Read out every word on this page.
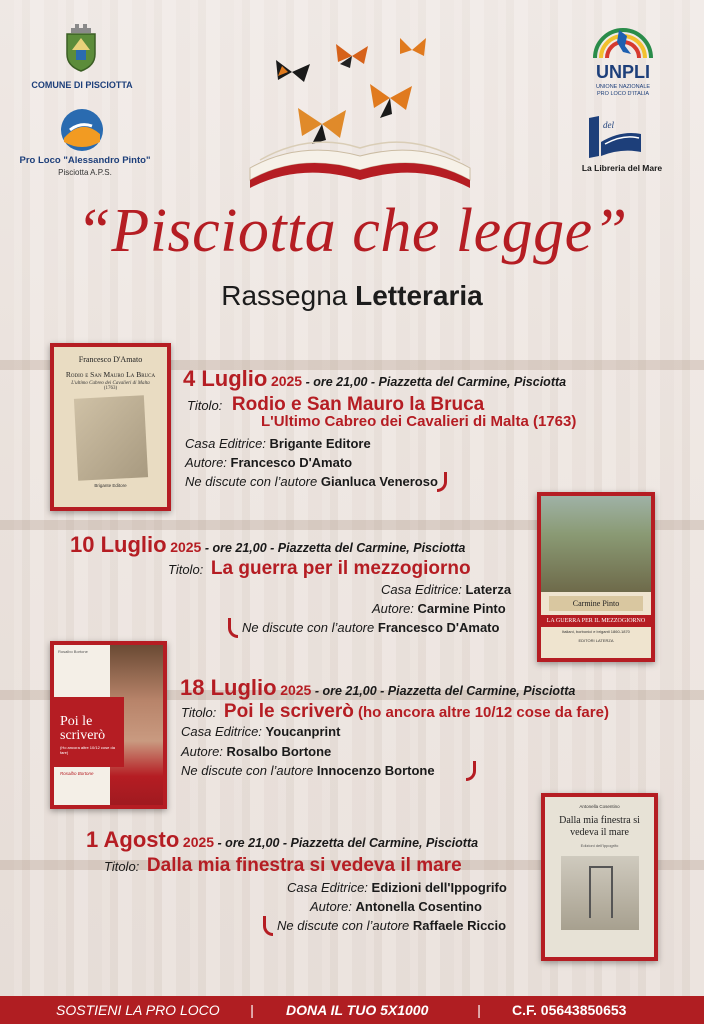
COMUNE DI PISCIOTTA
Pro Loco "Alessandro Pinto"
Pisciotta A.P.S.
UNPLI
UNIONE NAZIONALE
PRO LOCO D'ITALIA
del
La Libreria del Mare
“Pisciotta che legge”
Rassegna Letteraria
Francesco D'Amato
Rodio e San Mauro La Bruca
L'ultimo Cabreo dei Cavalieri di Malta
(1763)
Brigante Editore
4 Luglio 2025 - ore 21,00 - Piazzetta del Carmine, Pisciotta
Titolo: Rodio e San Mauro la Bruca
L'Ultimo Cabreo dei Cavalieri di Malta (1763)
Casa Editrice: Brigante Editore
Autore: Francesco D'Amato
Ne discute con l’autore Gianluca Veneroso
Carmine Pinto
LA GUERRA PER IL MEZZOGIORNO
Italiani, borbonici e briganti 1860-1870
EDITORI LATERZA
10 Luglio 2025 - ore 21,00 - Piazzetta del Carmine, Pisciotta
Titolo: La guerra per il mezzogiorno
Casa Editrice: Laterza
Autore: Carmine Pinto
Ne discute con l’autore Francesco D'Amato
Rosalbo Bortone
Poi le scriverò
(Ho ancora altre 10/12 cose da fare)
Rosalbo Bortone
18 Luglio 2025 - ore 21,00 - Piazzetta del Carmine, Pisciotta
Titolo: Poi le scriverò (ho ancora altre 10/12 cose da fare)
Casa Editrice: Youcanprint
Autore: Rosalbo Bortone
Ne discute con l’autore Innocenzo Bortone
Antonella Cosentino
Dalla mia finestra si vedeva il mare
Edizioni dell'Ippogrifo
1 Agosto 2025 - ore 21,00 - Piazzetta del Carmine, Pisciotta
Titolo: Dalla mia finestra si vedeva il mare
Casa Editrice: Edizioni dell'Ippogrifo
Autore: Antonella Cosentino
Ne discute con l’autore Raffaele Riccio
SOSTIENI LA PRO LOCO | DONA IL TUO 5X1000	| C.F. 05643850653
